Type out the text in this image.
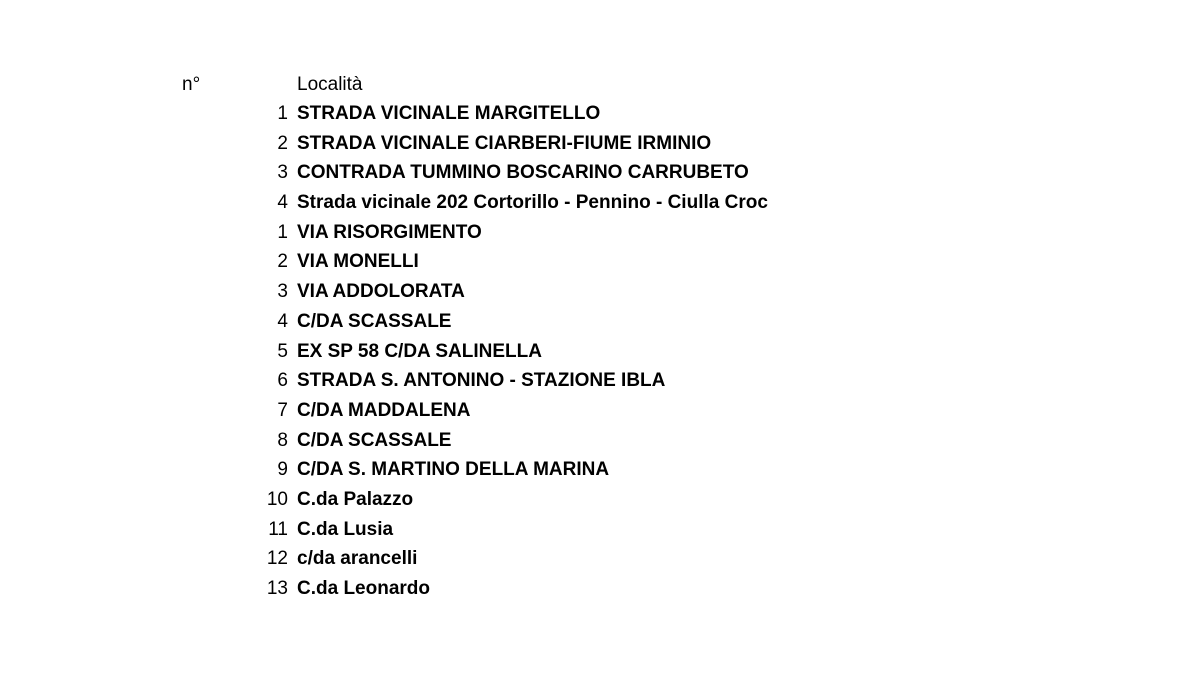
n°	Località
1 STRADA VICINALE MARGITELLO
2 STRADA VICINALE CIARBERI-FIUME IRMINIO
3 CONTRADA TUMMINO BOSCARINO CARRUBETO
4 Strada vicinale 202 Cortorillo - Pennino - Ciulla Croc
1 VIA RISORGIMENTO
2 VIA MONELLI
3 VIA ADDOLORATA
4 C/DA SCASSALE
5 EX SP 58 C/DA SALINELLA
6 STRADA S. ANTONINO - STAZIONE IBLA
7 C/DA MADDALENA
8 C/DA SCASSALE
9 C/DA S. MARTINO DELLA MARINA
10 C.da Palazzo
11 C.da Lusia
12 c/da arancelli
13 C.da Leonardo
